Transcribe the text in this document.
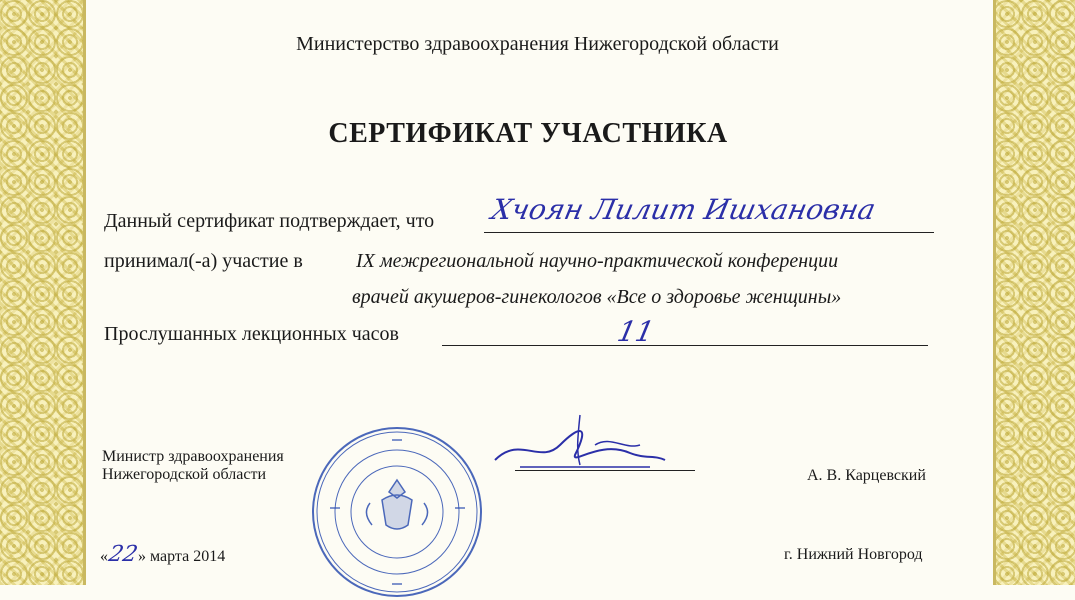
Министерство здравоохранения Нижегородской области
СЕРТИФИКАТ УЧАСТНИКА
Данный сертификат подтверждает, что Хчоян Лилит Ишхановна
принимал(-а) участие в	IX межрегиональной научно-практической конференции
врачей акушеров-гинекологов «Все о здоровье женщины»
Прослушанных лекционных часов	11
Министр здравоохранения
Нижегородской области	А. В. Карцевский
«
22
» марта 2014	г. Нижний Новгород
